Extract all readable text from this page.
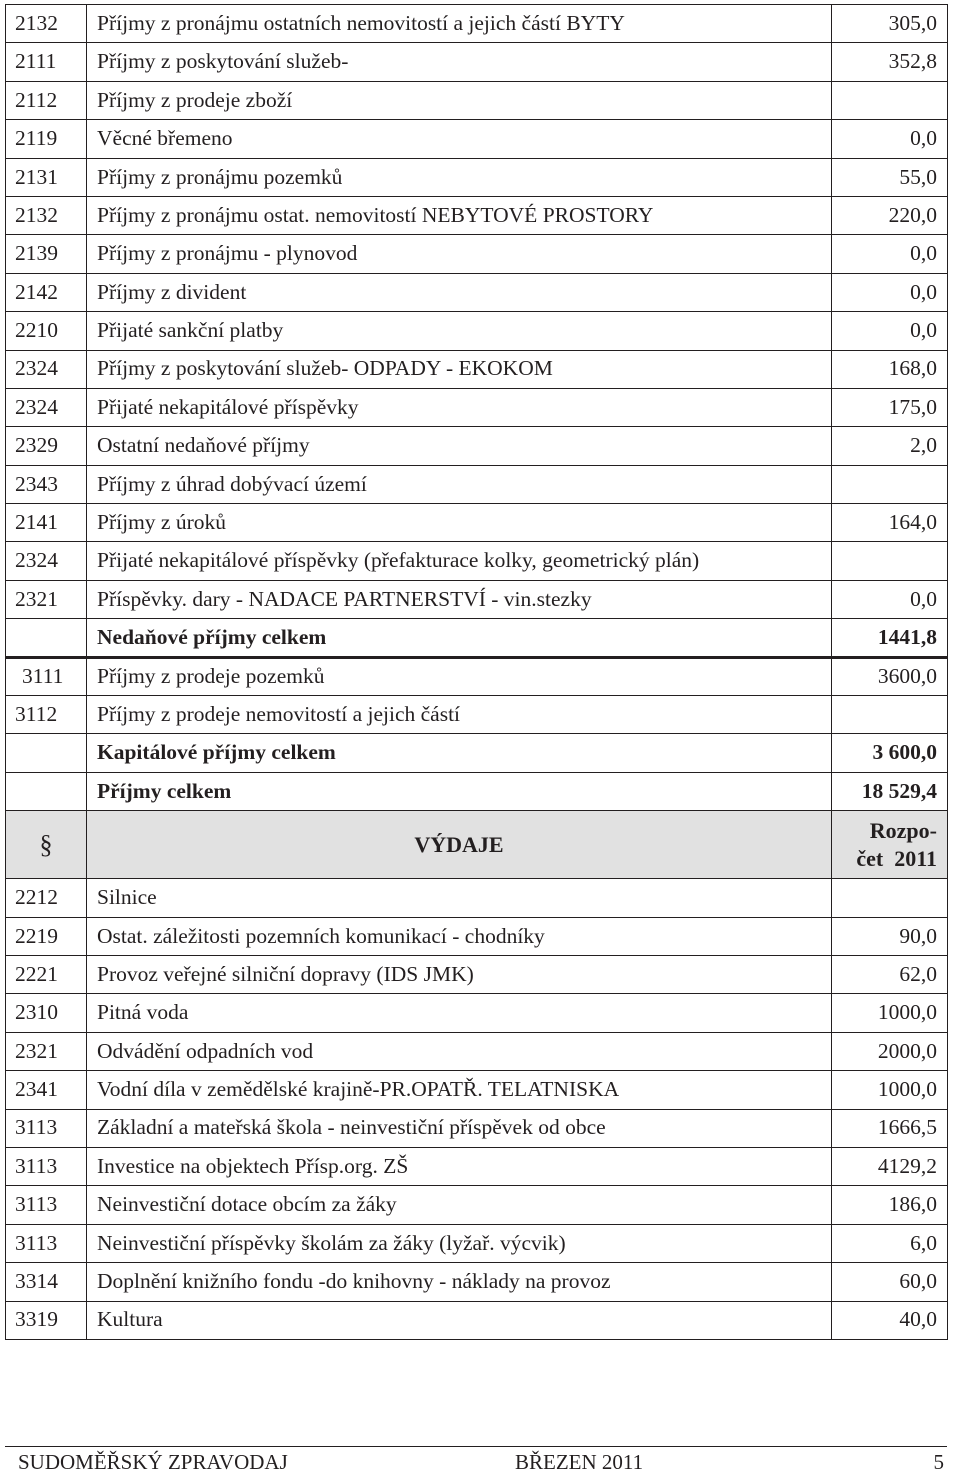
2132	Příjmy z pronájmu ostatních nemovitostí a jejich částí BYTY	305,0
2111	Příjmy z poskytování služeb-	352,8
2112	Příjmy z prodeje zboží	
2119	Věcné břemeno	0,0
2131	Příjmy z pronájmu pozemků	55,0
2132	Příjmy z pronájmu ostat. nemovitostí NEBYTOVÉ PROSTORY	220,0
2139	Příjmy z pronájmu - plynovod	0,0
2142	Příjmy z divident	0,0
2210	Přijaté sankční platby	0,0
2324	Příjmy z poskytování služeb- ODPADY - EKOKOM	168,0
2324	Přijaté nekapitálové příspěvky	175,0
2329	Ostatní nedaňové příjmy	2,0
2343	Příjmy z úhrad dobývací území	
2141	Příjmy z úroků	164,0
2324	Přijaté nekapitálové příspěvky (přefakturace kolky, geometrický plán)	
2321	Příspěvky. dary - NADACE PARTNERSTVÍ - vin.stezky	0,0
	Nedaňové příjmy celkem	1441,8
3111	Příjmy z prodeje pozemků	3600,0
3112	Příjmy z prodeje nemovitostí a jejich částí	
	Kapitálové příjmy celkem	3 600,0
	Příjmy celkem	18 529,4
§	VÝDAJE	Rozpo-
čet  2011

2212	Silnice	
2219	Ostat. záležitosti pozemních komunikací - chodníky	90,0
2221	Provoz veřejné silniční dopravy (IDS JMK)	62,0
2310	Pitná voda	1000,0
2321	Odvádění odpadních vod	2000,0
2341	Vodní díla v zemědělské krajině-PR.OPATŘ. TELATNISKA	1000,0
3113	Základní a mateřská škola - neinvestiční příspěvek od obce	1666,5
3113	Investice na objektech Přísp.org. ZŠ	4129,2
3113	Neinvestiční dotace obcím za žáky	186,0
3113	Neinvestiční příspěvky školám za žáky (lyžař. výcvik)	6,0
3314	Doplnění knižního fondu -do knihovny - náklady na provoz	60,0
3319	Kultura	40,0
SUDOMĚŘSKÝ ZPRAVODAJ	BŘEZEN 2011	5
